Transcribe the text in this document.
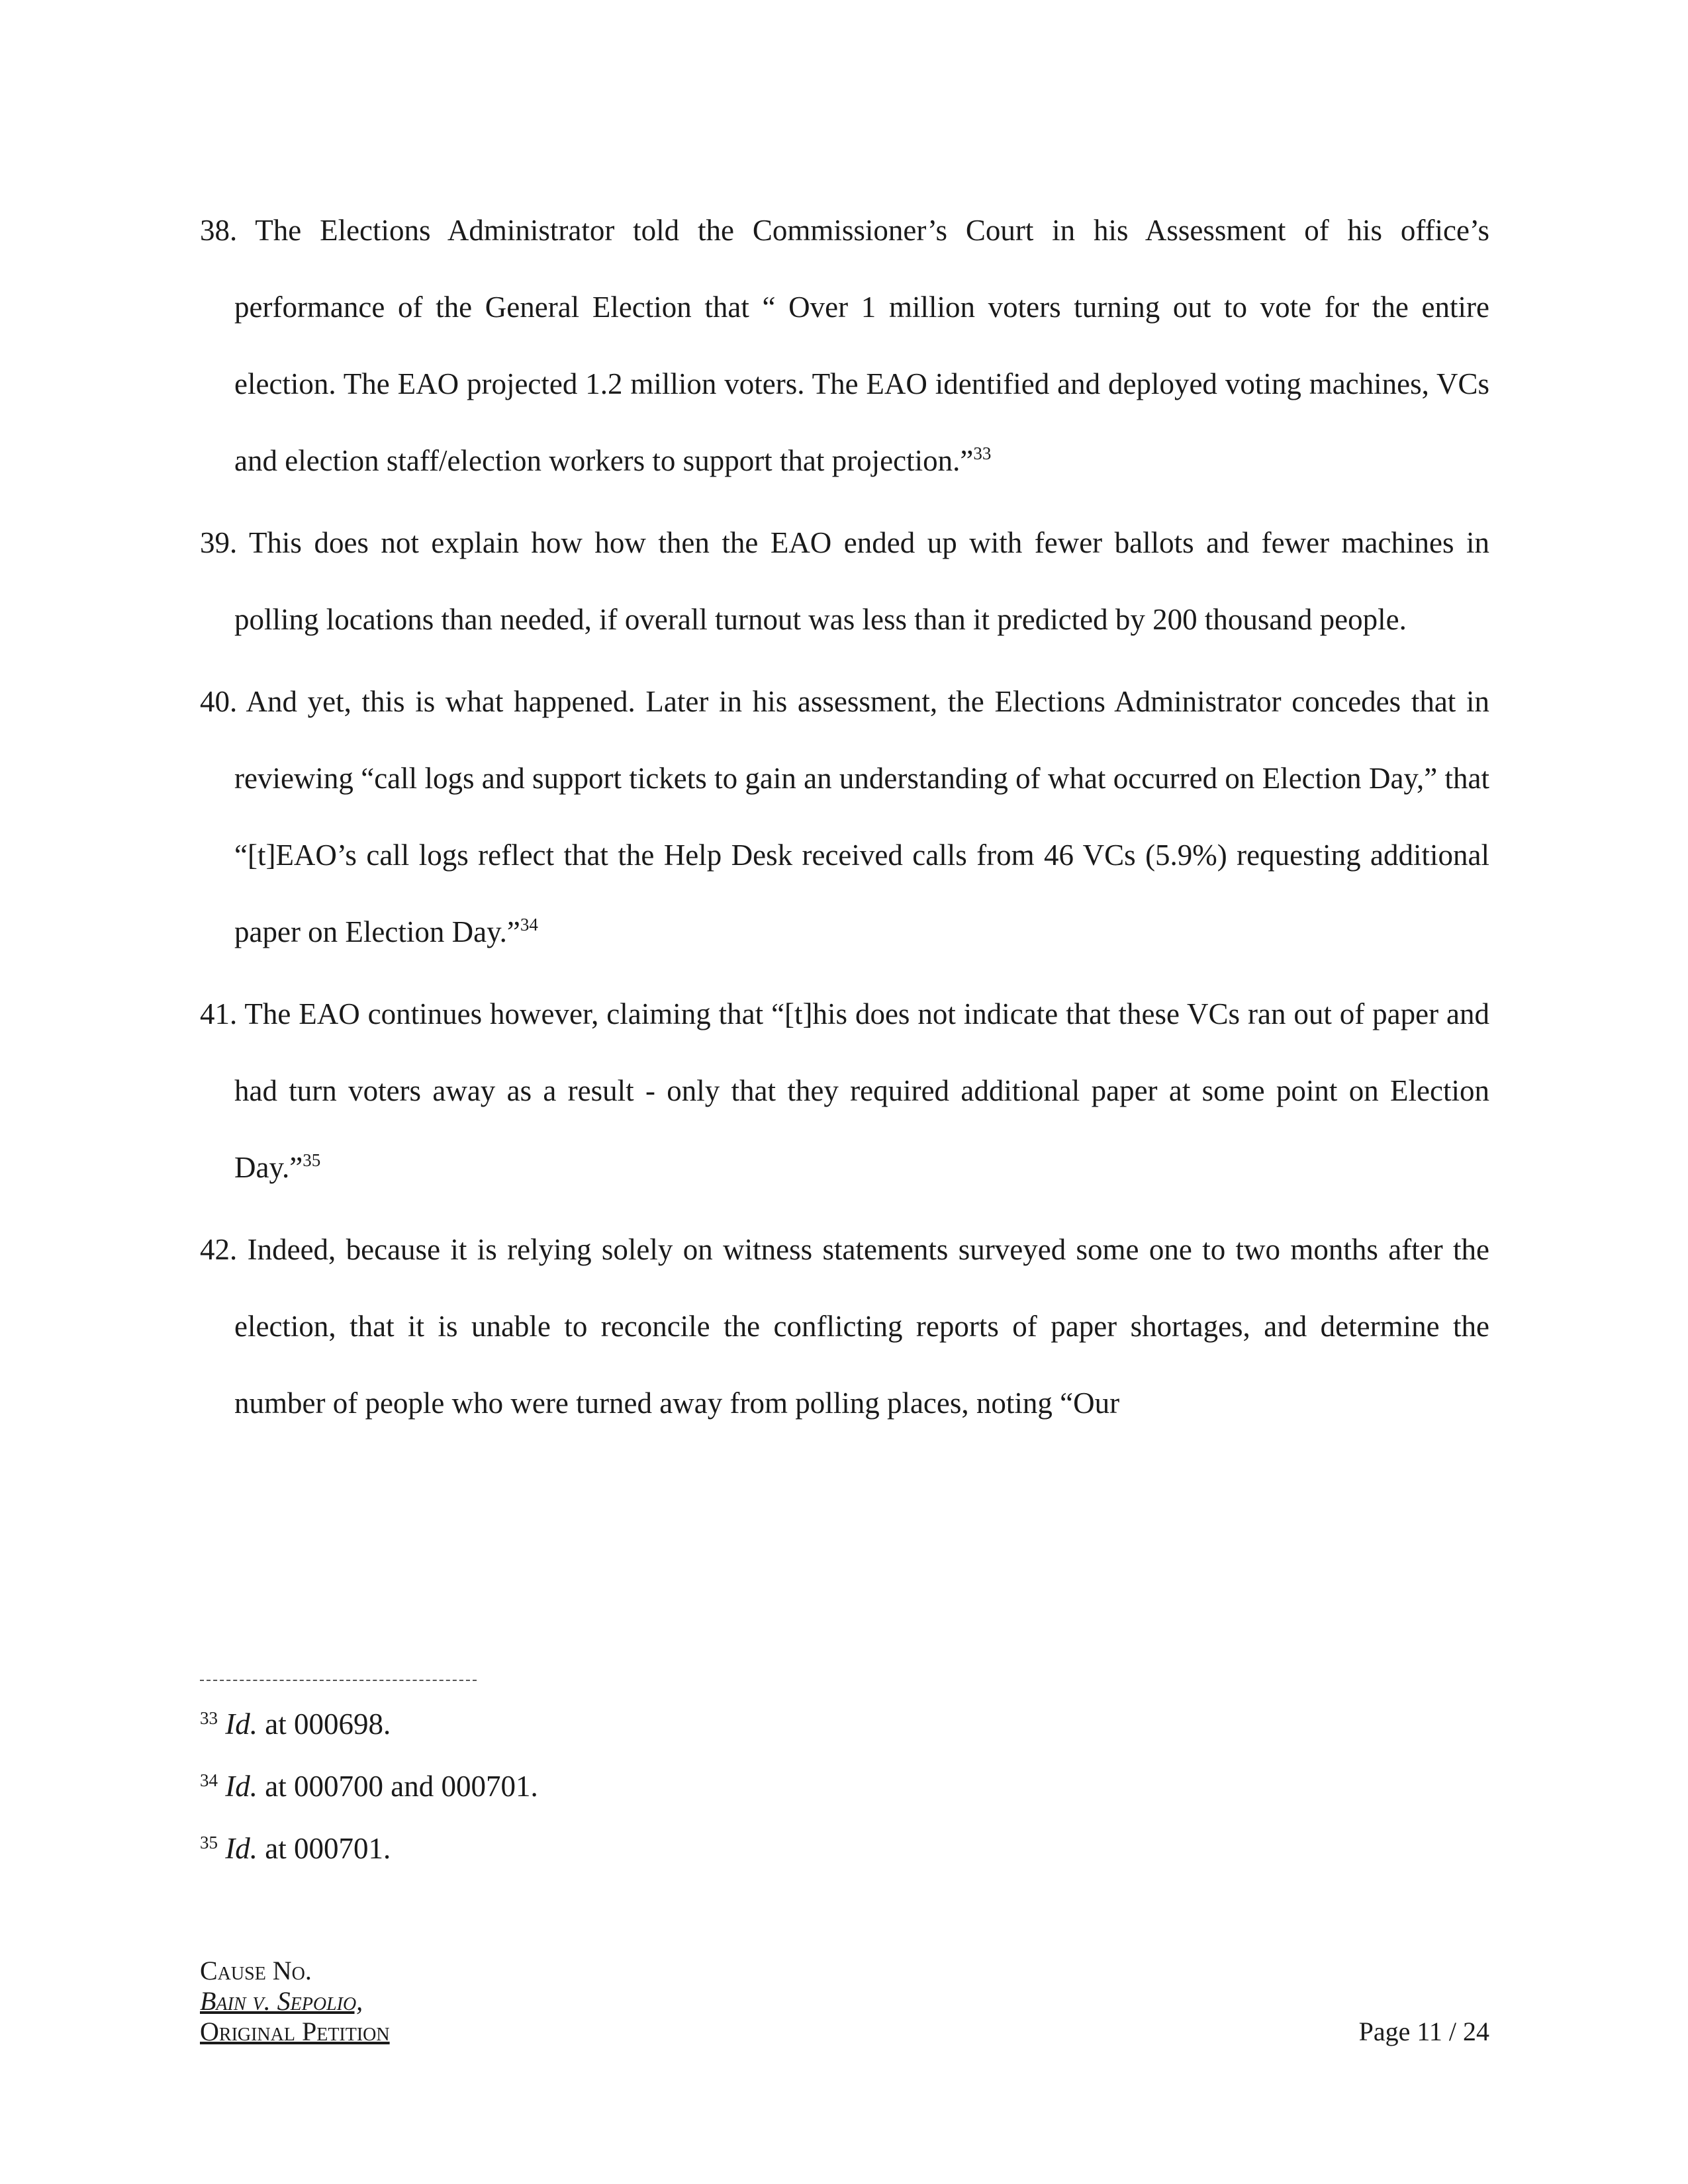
38. The Elections Administrator told the Commissioner’s Court in his Assessment of his office’s performance of the General Election that “ Over 1 million voters turning out to vote for the entire election. The EAO projected 1.2 million voters. The EAO identified and deployed voting machines, VCs and election staff/election workers to support that projection.”$^{33}$

39. This does not explain how how then the EAO ended up with fewer ballots and fewer machines in polling locations than needed, if overall turnout was less than it predicted by 200 thousand people.

40. And yet, this is what happened. Later in his assessment, the Elections Administrator concedes that in reviewing “call logs and support tickets to gain an understanding of what occurred on Election Day,” that “[t]EAO’s call logs reflect that the Help Desk received calls from 46 VCs (5.9%) requesting additional paper on Election Day.”$^{34}$

41. The EAO continues however, claiming that “[t]his does not indicate that these VCs ran out of paper and had turn voters away as a result - only that they required additional paper at some point on Election Day.”$^{35}$

42. Indeed, because it is relying solely on witness statements surveyed some one to two months after the election, that it is unable to reconcile the conflicting reports of paper shortages, and determine the number of people who were turned away from polling places, noting “Our

$^{33}$ Id. at 000698.
$^{34}$ Id. at 000700 and 000701.
$^{35}$ Id. at 000701.
Cause No.
Bain v. Sepolio,
Original Petition	Page 11 / 24
